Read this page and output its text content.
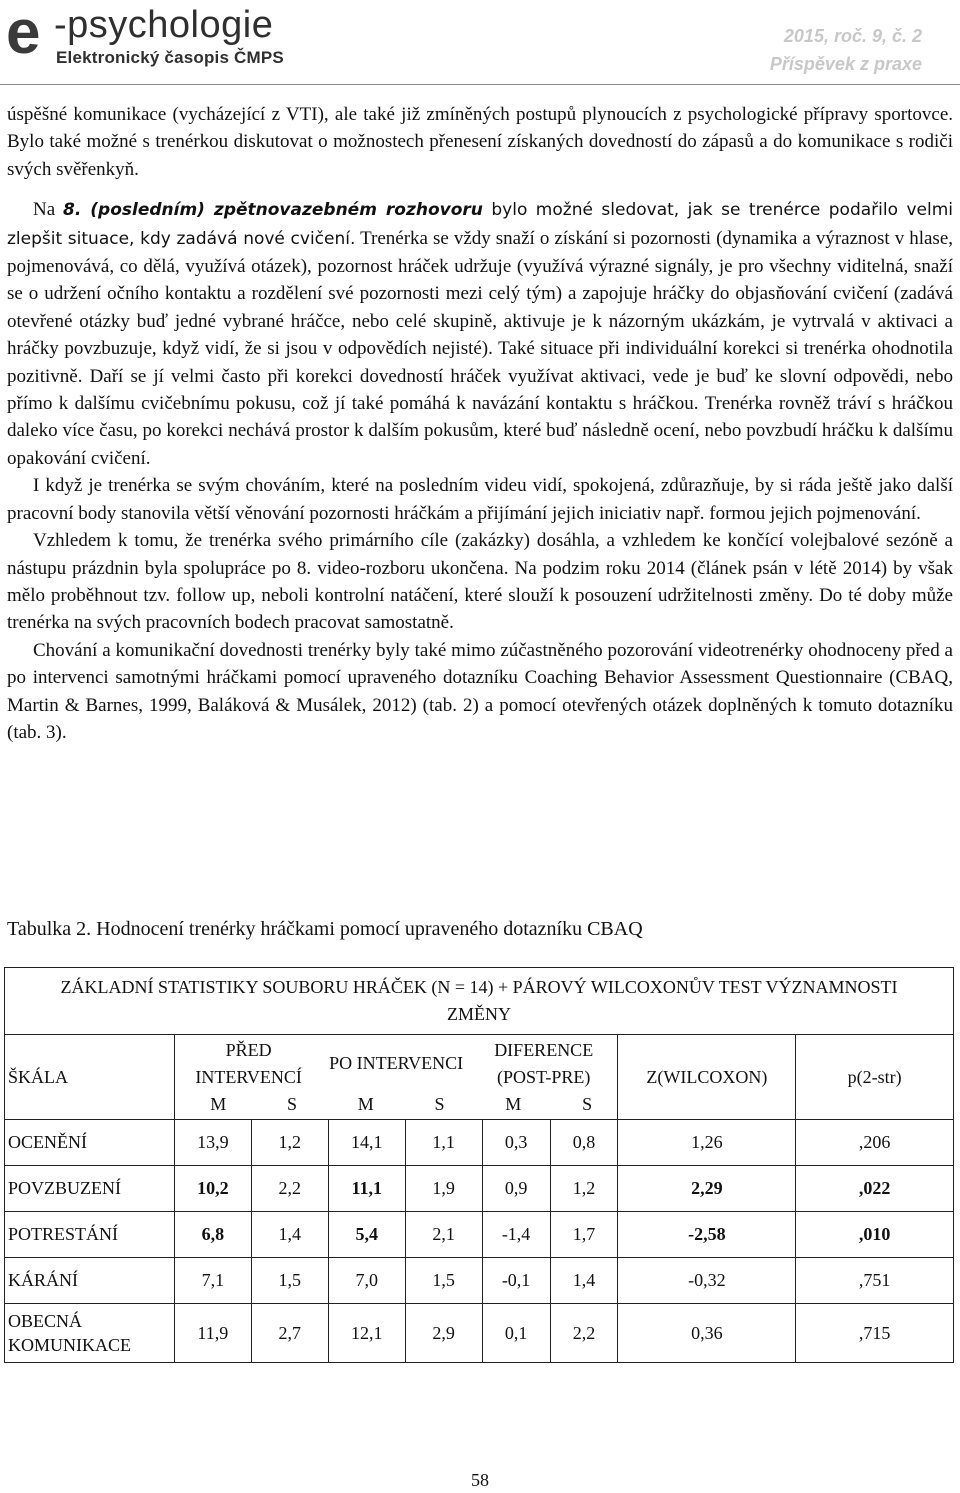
e -psychologie
Elektronický časopis ČMPS
2015, roč. 9, č. 2
Příspěvek z praxe

úspěšné komunikace (vycházející z VTI), ale také již zmíněných postupů plynoucích z psychologické přípravy sportovce. Bylo také možné s trenérkou diskutovat o možnostech přenesení získaných dovedností do zápasů a do komunikace s rodiči svých svěřenkyň.

Na 8. (posledním) zpětnovazebném rozhovoru bylo možné sledovat, jak se trenérce podařilo velmi zlepšit situace, kdy zadává nové cvičení. Trenérka se vždy snaží o získání si pozornosti (dynamika a výraznost v hlase, pojmenovává, co dělá, využívá otázek), pozornost hráček udržuje (využívá výrazné signály, je pro všechny viditelná, snaží se o udržení očního kontaktu a rozdělení své pozornosti mezi celý tým) a zapojuje hráčky do objasňování cvičení (zadává otevřené otázky buď jedné vybrané hráčce, nebo celé skupině, aktivuje je k názorným ukázkám, je vytrvalá v aktivaci a hráčky povzbuzuje, když vidí, že si jsou v odpovědích nejisté). Také situace při individuální korekci si trenérka ohodnotila pozitivně. Daří se jí velmi často při korekci dovedností hráček využívat aktivaci, vede je buď ke slovní odpovědi, nebo přímo k dalšímu cvičebnímu pokusu, což jí také pomáhá k navázání kontaktu s hráčkou. Trenérka rovněž tráví s hráčkou daleko více času, po korekci nechává prostor k dalším pokusům, které buď následně ocení, nebo povzbudí hráčku k dalšímu opakování cvičení.

I když je trenérka se svým chováním, které na posledním videu vidí, spokojená, zdůrazňuje, by si ráda ještě jako další pracovní body stanovila větší věnování pozornosti hráčkám a přijímání jejich iniciativ např. formou jejich pojmenování.

Vzhledem k tomu, že trenérka svého primárního cíle (zakázky) dosáhla, a vzhledem ke končící volejbalové sezóně a nástupu prázdnin byla spolupráce po 8. video-rozboru ukončena. Na podzim roku 2014 (článek psán v létě 2014) by však mělo proběhnout tzv. follow up, neboli kontrolní natáčení, které slouží k posouzení udržitelnosti změny. Do té doby může trenérka na svých pracovních bodech pracovat samostatně.

Chování a komunikační dovednosti trenérky byly také mimo zúčastněného pozorování videotrenérky ohodnoceny před a po intervenci samotnými hráčkami pomocí upraveného dotazníku Coaching Behavior Assessment Questionnaire (CBAQ, Martin & Barnes, 1999, Baláková & Musálek, 2012) (tab. 2) a pomocí otevřených otázek doplněných k tomuto dotazníku (tab. 3).

Tabulka 2. Hodnocení trenérky hráčkami pomocí upraveného dotazníku CBAQ
ZÁKLADNÍ STATISTIKY SOUBORU HRÁČEK (N = 14) + PÁROVÝ WILCOXONŮV TEST VÝZNAMNOSTI ZMĚNY
ŠKÁLA	
PŘED INTERVENCÍ	PO INTERVENCI	DIFERENCE (POST-PRE)
M	S	M	S	M	S
	Z(WILCOXON)	p(2-str)
OCENĚNÍ	13,9	1,2	14,1	1,1	0,3	0,8	1,26	,206
POVZBUZENÍ	10,2	2,2	11,1	1,9	0,9	1,2	2,29	,022
POTRESTÁNÍ	6,8	1,4	5,4	2,1	-1,4	1,7	-2,58	,010
KÁRÁNÍ	7,1	1,5	7,0	1,5	-0,1	1,4	-0,32	,751
OBECNÁ KOMUNIKACE	11,9	2,7	12,1	2,9	0,1	2,2	0,36	,715
58
